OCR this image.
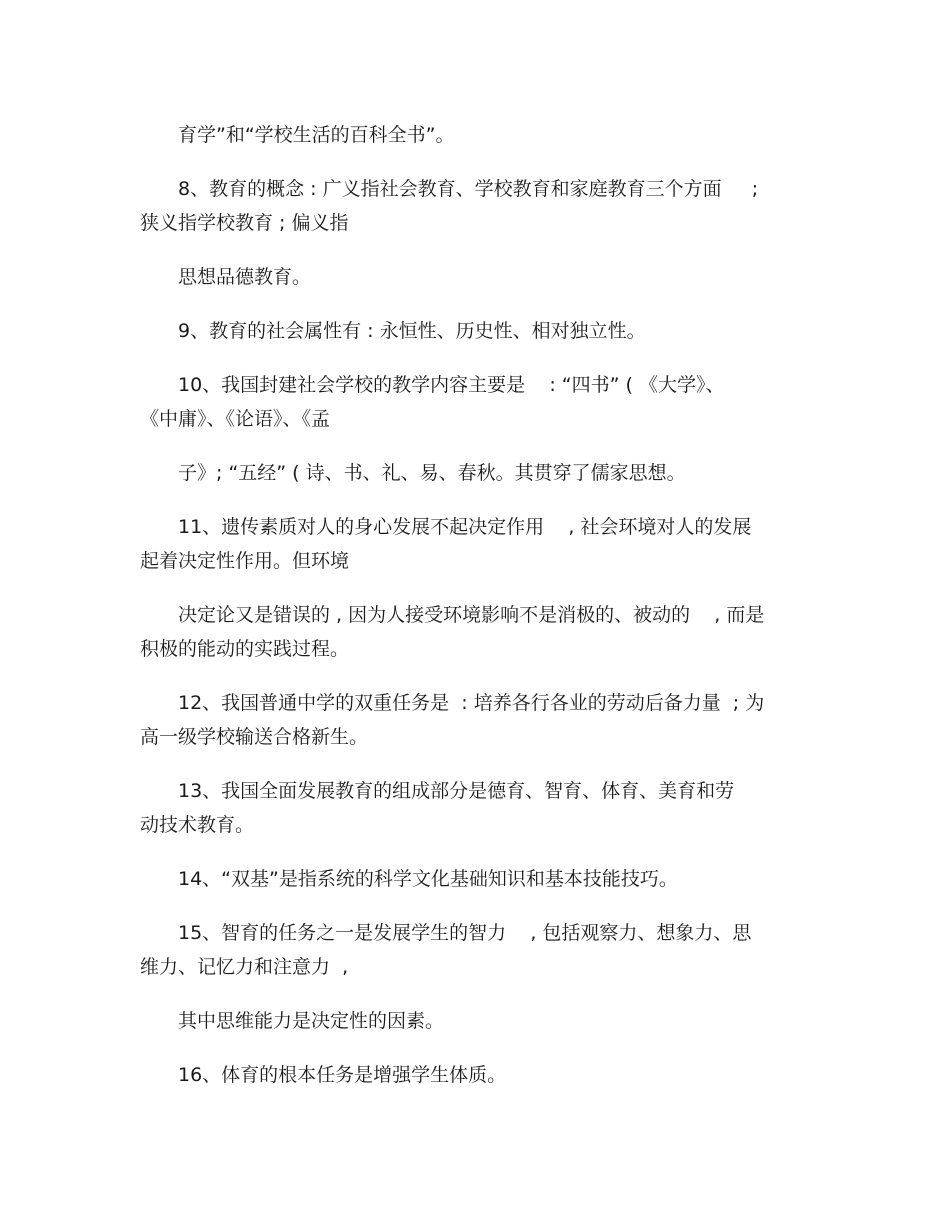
育学”和“学校生活的百科全书”。
8、教育的概念 : 广义指社会教育、学校教育和家庭教育三个方面     ;
狭义指学校教育 ; 偏义指
思想品德教育。
9、教育的社会属性有 : 永恒性、历史性、相对独立性。
10、我国封建社会学校的教学内容主要是    : “四书” ( 《大学》、
《中庸》、《论语》、《孟
子》; “五经” ( 诗、书、礼、易、春秋。其贯穿了儒家思想。
11、遗传素质对人的身心发展不起决定作用    , 社会环境对人的发展
起着决定性作用。但环境
决定论又是错误的 , 因为人接受环境影响不是消极的、被动的    , 而是
积极的能动的实践过程。
12、我国普通中学的双重任务是  : 培养各行各业的劳动后备力量  ; 为
高一级学校输送合格新生。
13、我国全面发展教育的组成部分是德育、智育、体育、美育和劳
动技术教育。
14、“双基”是指系统的科学文化基础知识和基本技能技巧。
15、智育的任务之一是发展学生的智力    , 包括观察力、想象力、思
维力、记忆力和注意力  ,
其中思维能力是决定性的因素。
16、体育的根本任务是增强学生体质。
